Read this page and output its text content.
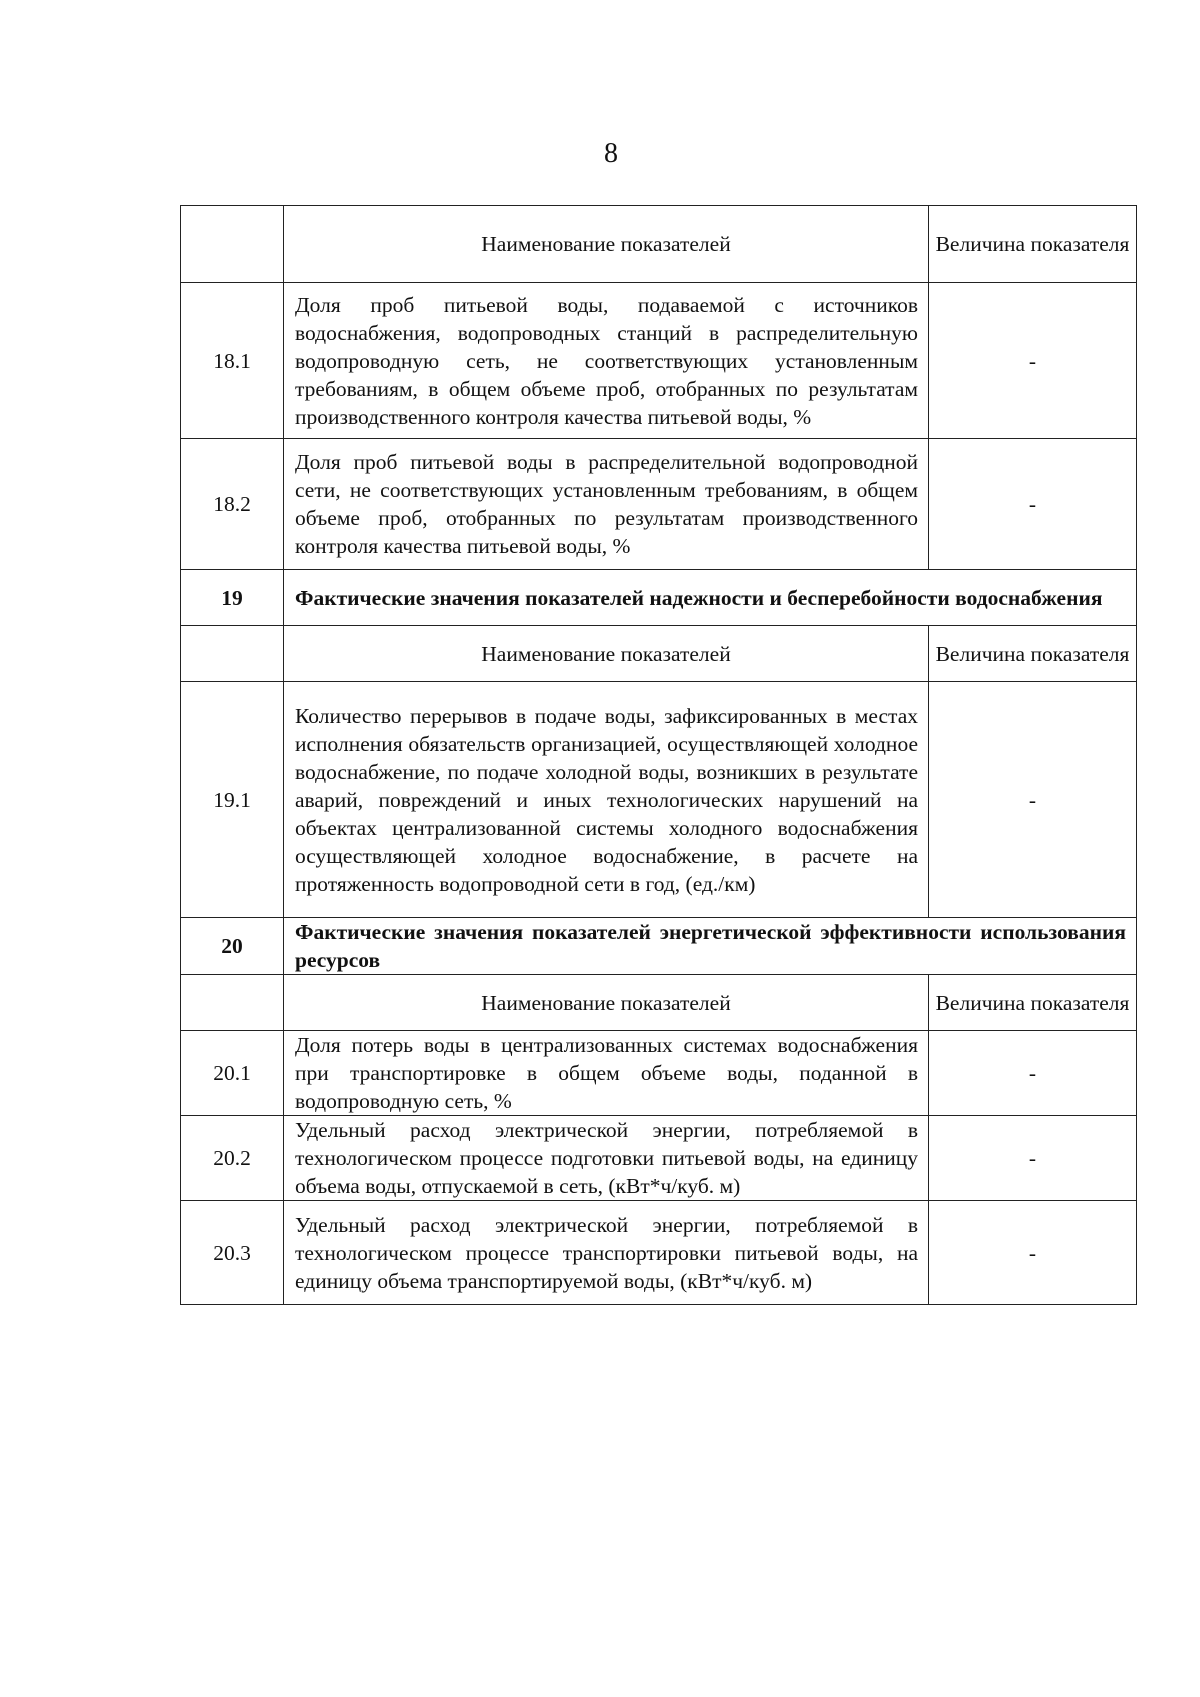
8
	Наименование показателей	Величина показателя
18.1	Доля проб питьевой воды, подаваемой с источников водоснабжения, водопроводных станций в распределительную водопроводную сеть, не соответствующих установленным требованиям, в общем объеме проб, отобранных по результатам производственного контроля качества питьевой воды, %	-
18.2	Доля проб питьевой воды в распределительной водопроводной сети, не соответствующих установленным требованиям, в общем объеме проб, отобранных по результатам производственного контроля качества питьевой воды, %	-
19	Фактические значения показателей надежности и бесперебойности водоснабжения	
	Наименование показателей	Величина показателя
19.1	Количество перерывов в подаче воды, зафиксированных в местах исполнения обязательств организацией, осуществляющей холодное водоснабжение, по подаче холодной воды, возникших в результате аварий, повреждений и иных технологических нарушений на объектах централизованной системы холодного водоснабжения осуществляющей холодное водоснабжение, в расчете на протяженность водопроводной сети в год, (ед./км)	-
20	Фактические значения показателей энергетической эффективности использования ресурсов	
	Наименование показателей	Величина показателя
20.1	Доля потерь воды в централизованных системах водоснабжения при транспортировке в общем объеме воды, поданной в водопроводную сеть, %	-
20.2	Удельный расход электрической энергии, потребляемой в технологическом процессе подготовки питьевой воды, на единицу объема воды, отпускаемой в сеть, (кВт*ч/куб. м)	-
20.3	Удельный расход электрической энергии, потребляемой в технологическом процессе транспортировки питьевой воды, на единицу объема транспортируемой воды, (кВт*ч/куб. м)	-
